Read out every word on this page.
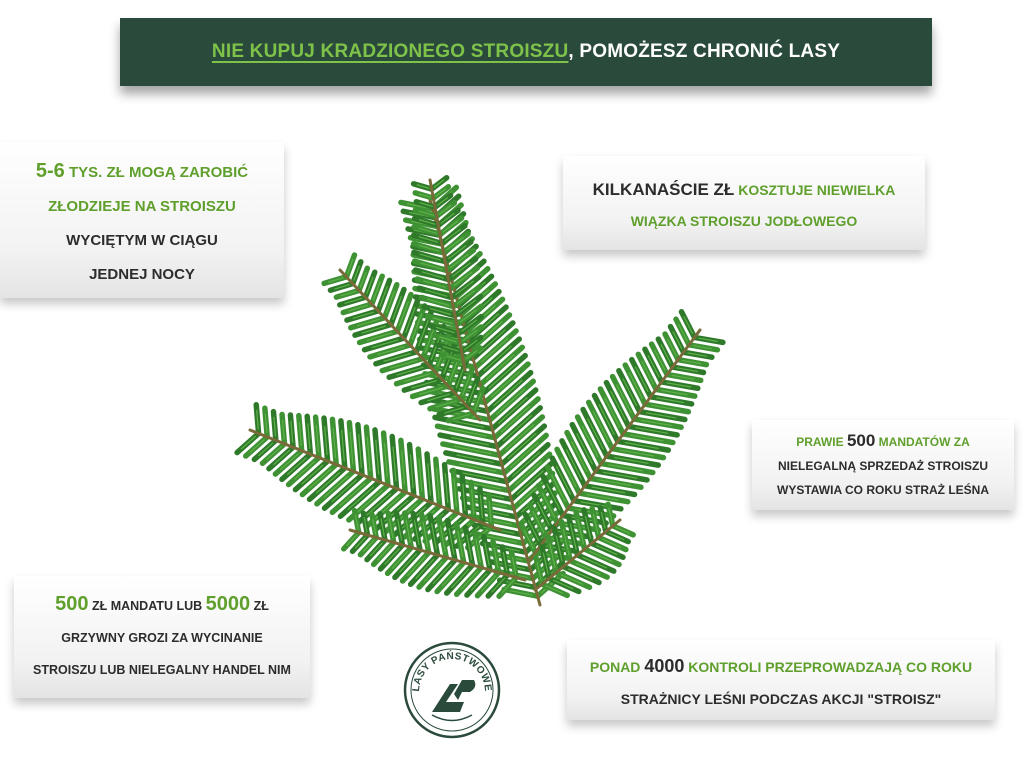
NIE KUPUJ KRADZIONEGO STROISZU , POMOŻESZ CHRONIĆ LASY
5-6 TYS. ZŁ MOGĄ ZAROBIĆ
ZŁODZIEJE NA STROISZU
WYCIĘTYM W CIĄGU
JEDNEJ NOCY
KILKANAŚCIE ZŁ KOSZTUJE NIEWIELKA
WIĄZKA STROISZU JODŁOWEGO
PRAWIE 500 MANDATÓW ZA
NIELEGALNĄ SPRZEDAŻ STROISZU
WYSTAWIA CO ROKU STRAŻ LEŚNA
500 ZŁ MANDATU LUB 5000 ZŁ
GRZYWNY GROZI ZA WYCINANIE
STROISZU LUB NIELEGALNY HANDEL NIM	PONAD 4000 KONTROLI PRZEPROWADZAJĄ CO ROKU
STRAŻNICY LEŚNI PODCZAS AKCJI "STROISZ"
LASY PAŃSTWOWE
